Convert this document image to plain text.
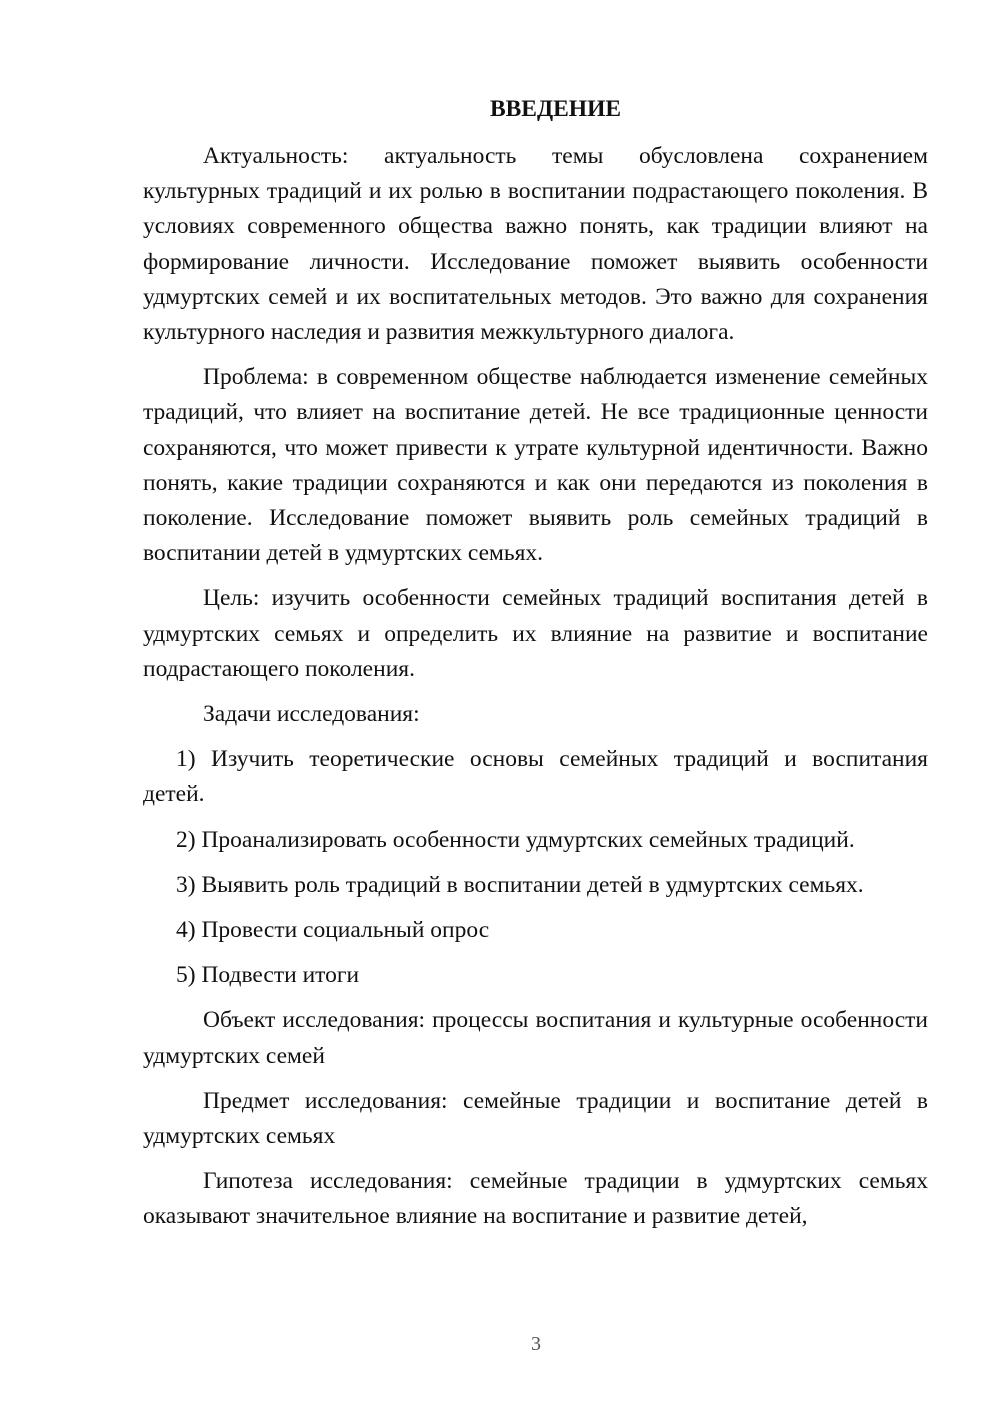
ВВЕДЕНИЕ

Актуальность: актуальность темы обусловлена сохранением культурных традиций и их ролью в воспитании подрастающего поколения. В условиях современного общества важно понять, как традиции влияют на формирование личности. Исследование поможет выявить особенности удмуртских семей и их воспитательных методов. Это важно для сохранения культурного наследия и развития межкультурного диалога.

Проблема: в современном обществе наблюдается изменение семейных традиций, что влияет на воспитание детей. Не все традиционные ценности сохраняются, что может привести к утрате культурной идентичности. Важно понять, какие традиции сохраняются и как они передаются из поколения в поколение. Исследование поможет выявить роль семейных традиций в воспитании детей в удмуртских семьях.

Цель: изучить особенности семейных традиций воспитания детей в удмуртских семьях и определить их влияние на развитие и воспитание подрастающего поколения.

Задачи исследования:

1) Изучить теоретические основы семейных традиций и воспитания детей.

2) Проанализировать особенности удмуртских семейных традиций.

3) Выявить роль традиций в воспитании детей в удмуртских семьях.

4) Провести социальный опрос

5) Подвести итоги

Объект исследования: процессы воспитания и культурные особенности удмуртских семей

Предмет исследования: семейные традиции и воспитание детей в удмуртских семьях

Гипотеза исследования: семейные традиции в удмуртских семьях оказывают значительное влияние на воспитание и развитие детей,

3
